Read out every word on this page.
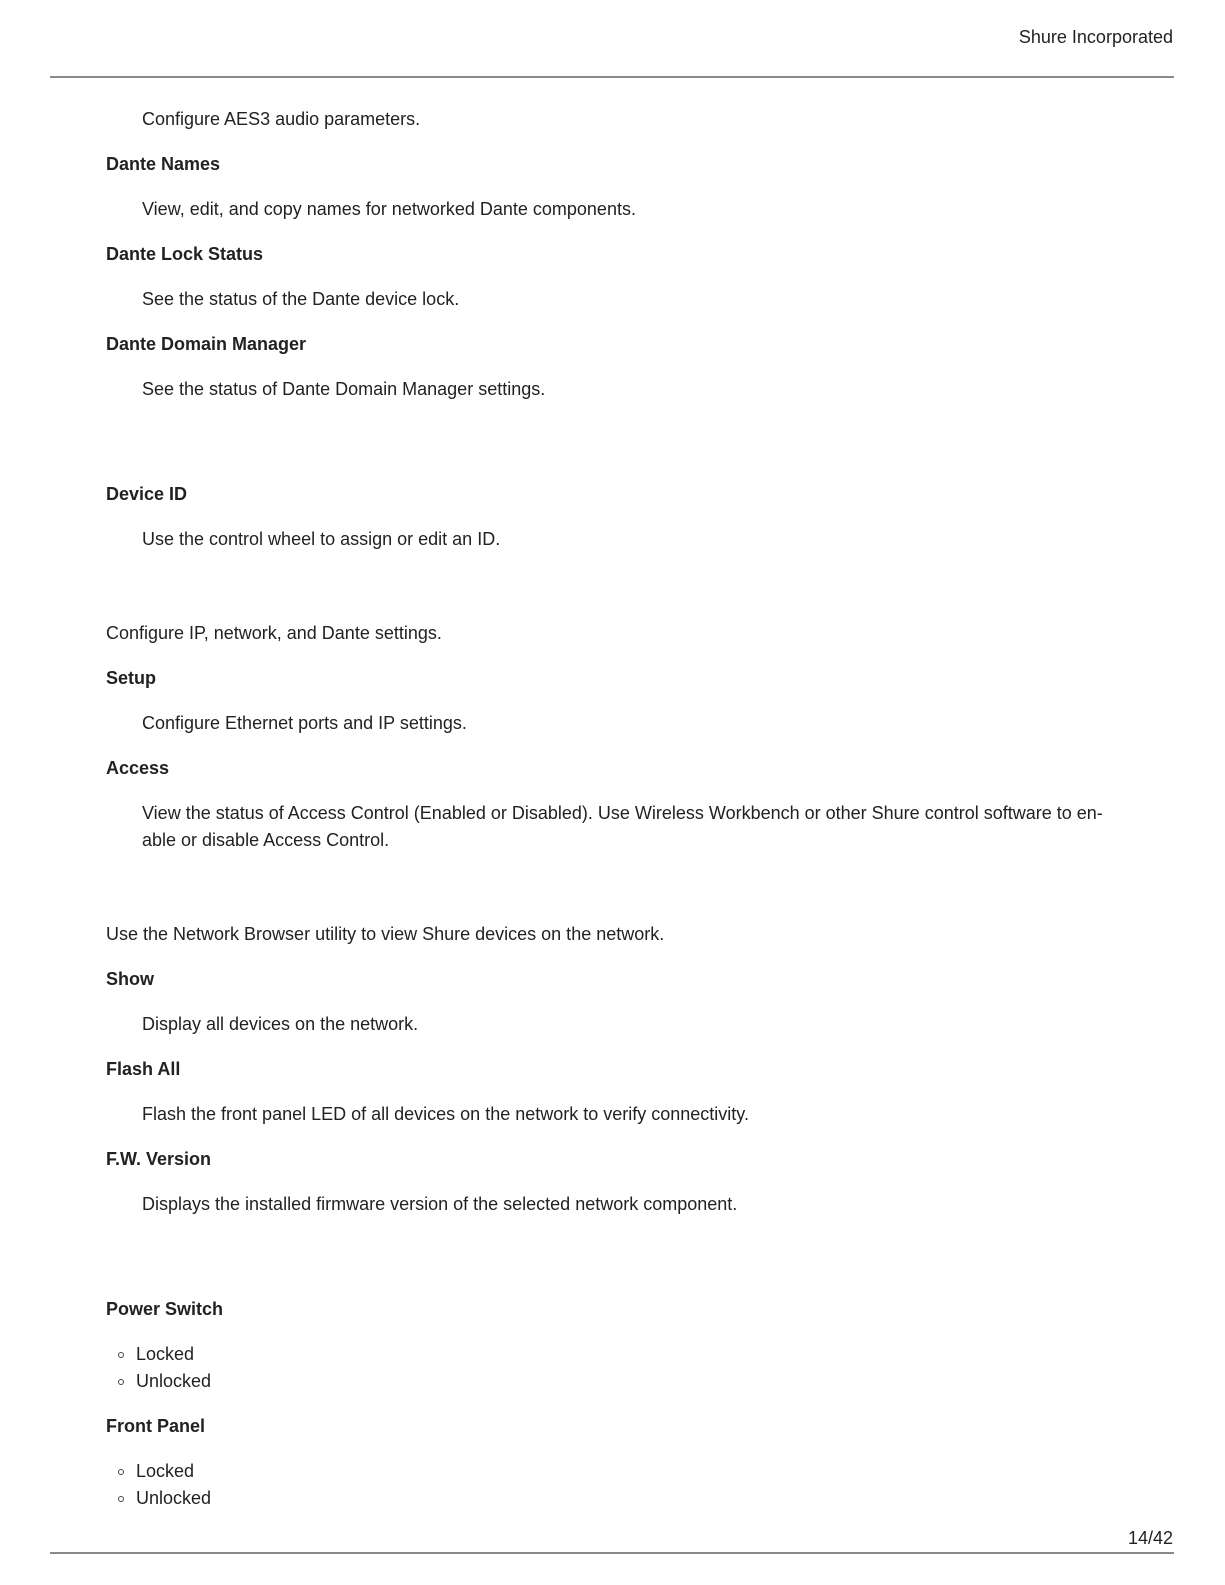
Shure Incorporated
Configure AES3 audio parameters.
Dante Names
View, edit, and copy names for networked Dante components.
Dante Lock Status
See the status of the Dante device lock.
Dante Domain Manager
See the status of Dante Domain Manager settings.
Device ID
Use the control wheel to assign or edit an ID.
Configure IP, network, and Dante settings.
Setup
Configure Ethernet ports and IP settings.
Access
View the status of Access Control (Enabled or Disabled). Use Wireless Workbench or other Shure control software to enable or disable Access Control.
Use the Network Browser utility to view Shure devices on the network.
Show
Display all devices on the network.
Flash All
Flash the front panel LED of all devices on the network to verify connectivity.
F.W. Version
Displays the installed firmware version of the selected network component.
Power Switch
Locked
Unlocked
Front Panel
Locked
Unlocked
14/42
